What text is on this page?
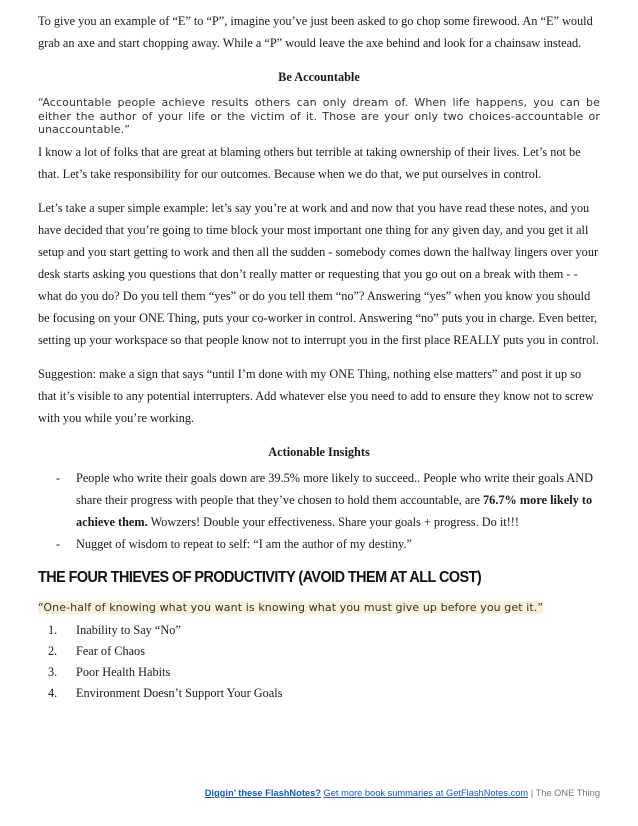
To give you an example of “E” to “P”, imagine you’ve just been asked to go chop some firewood. An “E” would grab an axe and start chopping away. While a “P” would leave the axe behind and look for a chainsaw instead.

Be Accountable

“Accountable people achieve results others can only dream of. When life happens, you can be either the author of your life or the victim of it. Those are your only two choices-accountable or unaccountable.”

I know a lot of folks that are great at blaming others but terrible at taking ownership of their lives. Let’s not be that. Let’s take responsibility for our outcomes. Because when we do that, we put ourselves in control.

Let’s take a super simple example: let’s say you’re at work and and now that you have read these notes, and you have decided that you’re going to time block your most important one thing for any given day, and you get it all setup and you start getting to work and then all the sudden - somebody comes down the hallway lingers over your desk starts asking you questions that don’t really matter or requesting that you go out on a break with them - - what do you do? Do you tell them “yes” or do you tell them “no”? Answering “yes” when you know you should be focusing on your ONE Thing, puts your co-worker in control. Answering “no” puts you in charge. Even better, setting up your workspace so that people know not to interrupt you in the first place REALLY puts you in control.

Suggestion: make a sign that says “until I’m done with my ONE Thing, nothing else matters” and post it up so that it’s visible to any potential interrupters. Add whatever else you need to add to ensure they know not to screw with you while you’re working.

Actionable Insights
- People who write their goals down are 39.5% more likely to succeed.. People who write their goals AND share their progress with people that they’ve chosen to hold them accountable, are 76.7% more likely to achieve them. Wowzers! Double your effectiveness. Share your goals + progress. Do it!!!
- Nugget of wisdom to repeat to self: “I am the author of my destiny.”
THE FOUR THIEVES OF PRODUCTIVITY (AVOID THEM AT ALL COST)

“One-half of knowing what you want is knowing what you must give up before you get it.”

1. Inability to Say “No”
2. Fear of Chaos
3. Poor Health Habits
4. Environment Doesn’t Support Your Goals
Diggin’ these FlashNotes? Get more book summaries at GetFlashNotes.com | The ONE Thing
